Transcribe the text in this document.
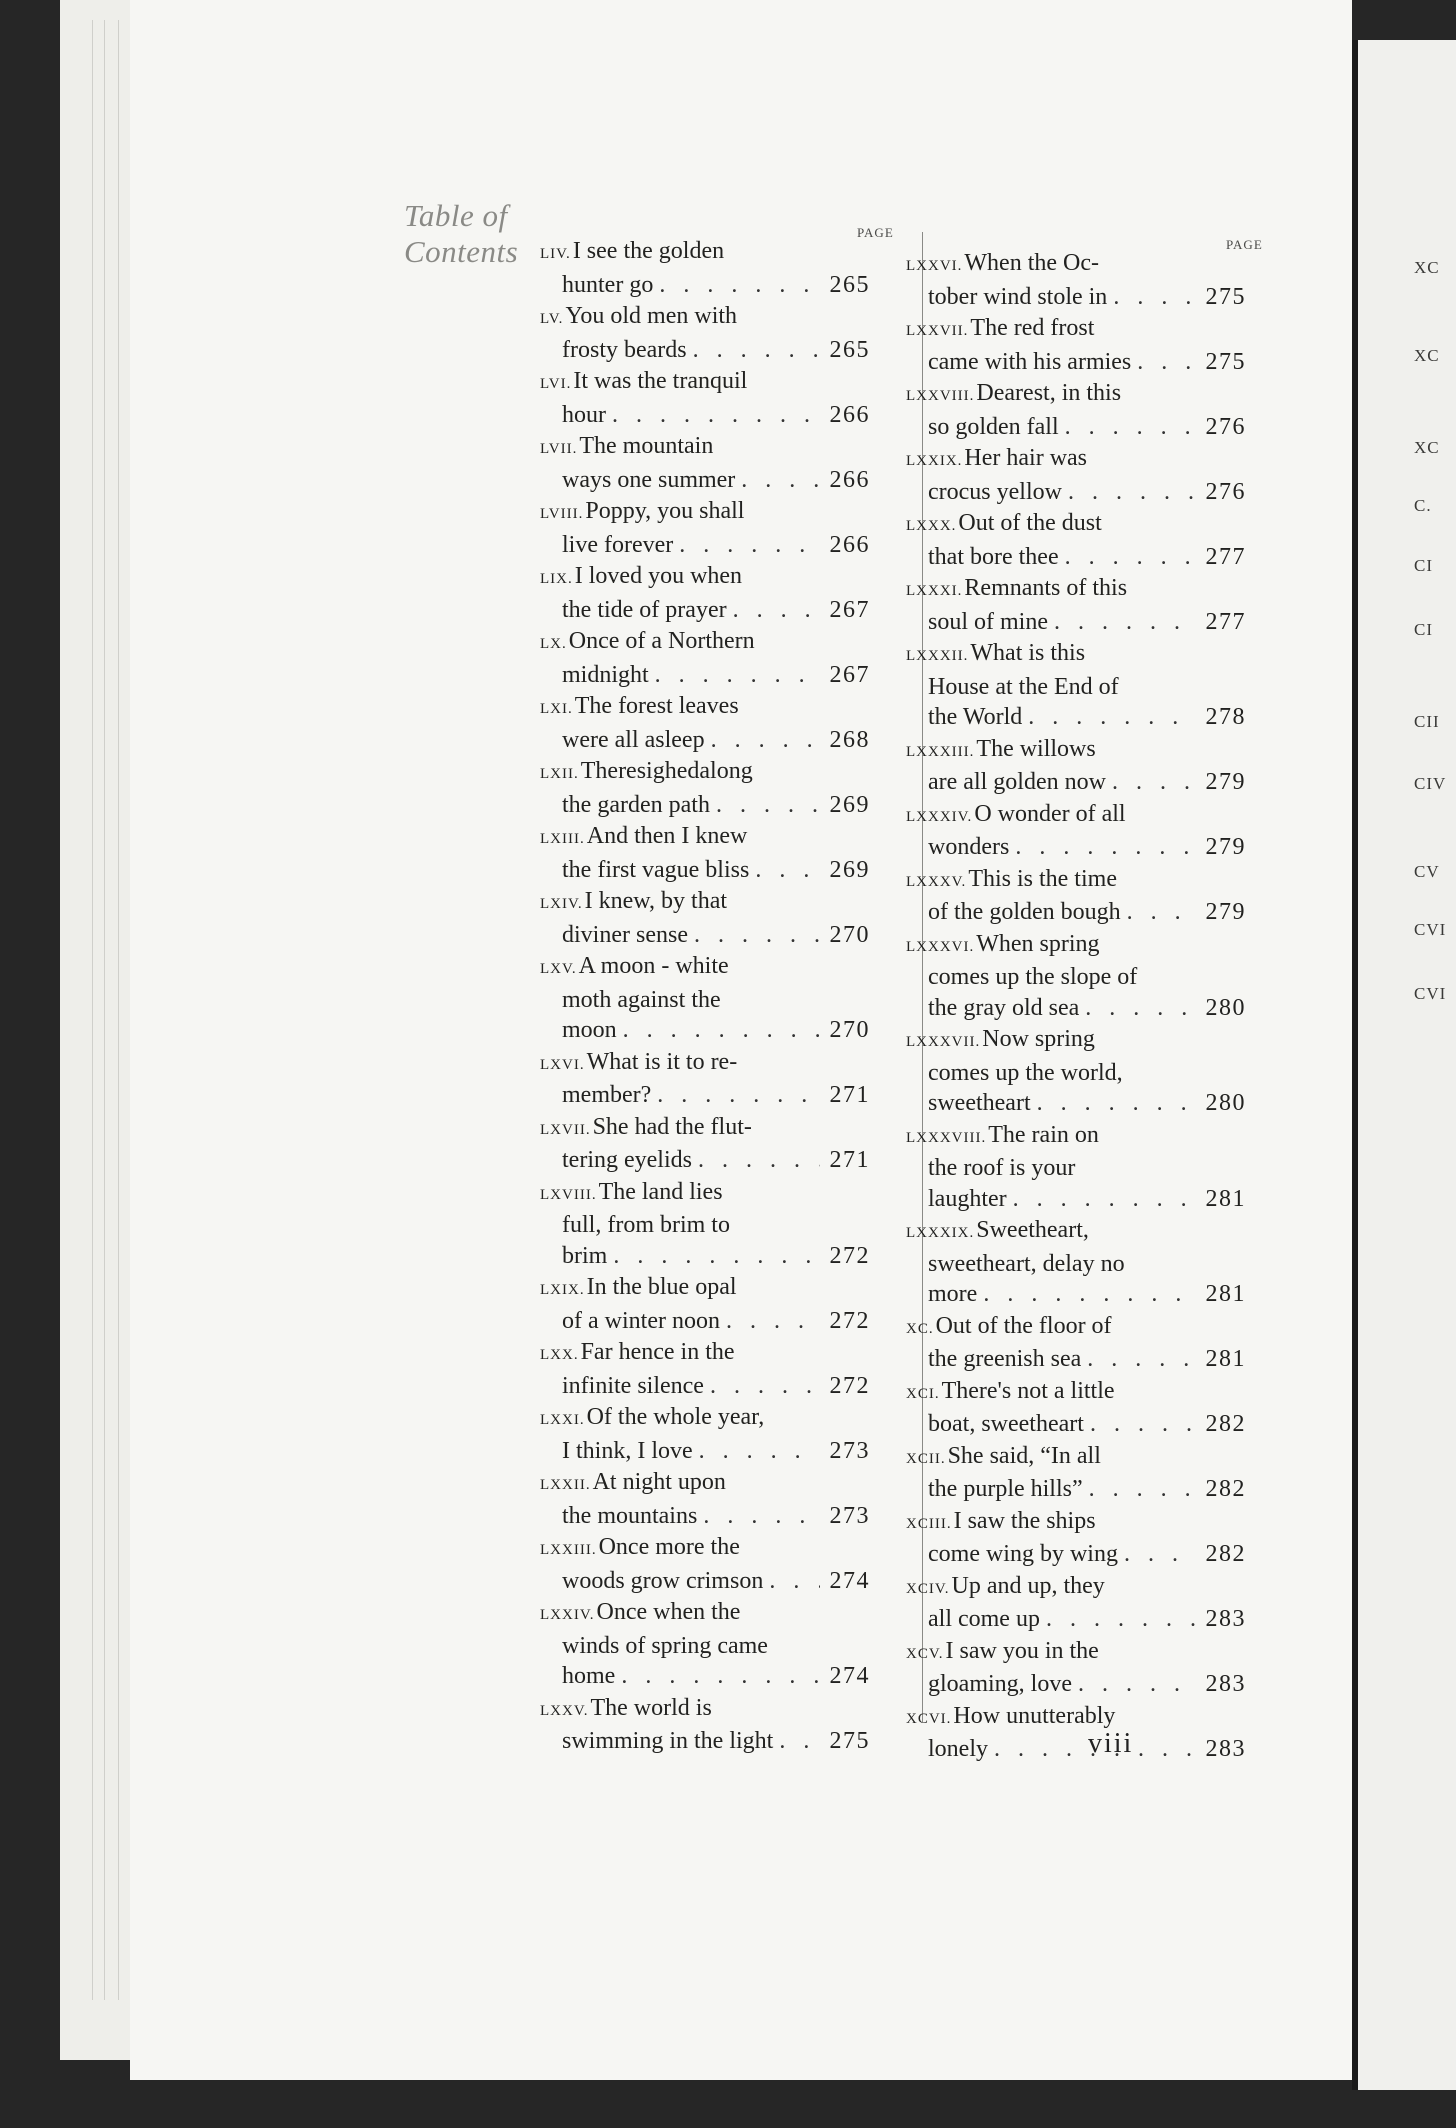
Table of
Contents
PAGE
PAGE
LIV.I see the golden
hunter go . . .	265
LV.You old men with
frosty beards . . .	265
LVI.It was the tranquil
hour . . .	266
LVII.The mountain
ways one summer . . .	266
LVIII.Poppy, you shall
live forever . . .	266
LIX.I loved you when
the tide of prayer . . .	267
LX.Once of a Northern
midnight . . .	267
LXI.The forest leaves
were all asleep . . .	268
LXII.Theresighedalong
the garden path . . .	269
LXIII.And then I knew
the first vague bliss . . .	269
LXIV.I knew, by that
diviner sense . . .	270
LXV.A moon - white
moth against the
moon . . .	270
LXVI.What is it to re-
member? . . .	271
LXVII.She had the flut-
tering eyelids . . .	271
LXVIII.The land lies
full, from brim to
brim . . .	272
LXIX.In the blue opal
of a winter noon . . .	272
LXX.Far hence in the
infinite silence . . .	272
LXXI.Of the whole year,
I think, I love . . .	273
LXXII.At night upon
the mountains . . .	273
LXXIII.Once more the
woods grow crimson . . .	274
LXXIV.Once when the
winds of spring came
home . . .	274
LXXV.The world is
swimming in the light . . . 275
LXXVI.When the Oc-
tober wind stole in . . .	275
LXXVII.The red frost
came with his armies . . .	275
LXXVIII.Dearest, in this
so golden fall . . .	276
LXXIX.Her hair was
crocus yellow . . .	276
LXXX.Out of the dust
that bore thee . . .	277
LXXXI.Remnants of this
soul of mine . . .	277
LXXXII.What is this
House at the End of
the World . . .	278
LXXXIII.The willows
are all golden now . . .	279
LXXXIV.O wonder of all
wonders . . .	279
LXXXV.This is the time
of the golden bough . . .	279
LXXXVI.When spring
comes up the slope of
the gray old sea . . .	280
LXXXVII.Now spring
comes up the world,
sweetheart . . .	280
LXXXVIII.The rain on
the roof is your
laughter . . .	281
LXXXIX.Sweetheart,
sweetheart, delay no
more . . .	281
XC.Out of the floor of
the greenish sea . . .	281
XCI.There's not a little
boat, sweetheart . . .	282
XCII.She said, “In all
the purple hills” . . .	282
XCIII.I saw the ships
come wing by wing . . .	282
XCIV.Up and up, they
all come up . . .	283
XCV.I saw you in the
gloaming, love . . .	283
XCVI.How unutterably
lonely . . .	283
viii
XC
XC
XC
C.
CI
CI
CII
CIV
CV
CVI
CVI
